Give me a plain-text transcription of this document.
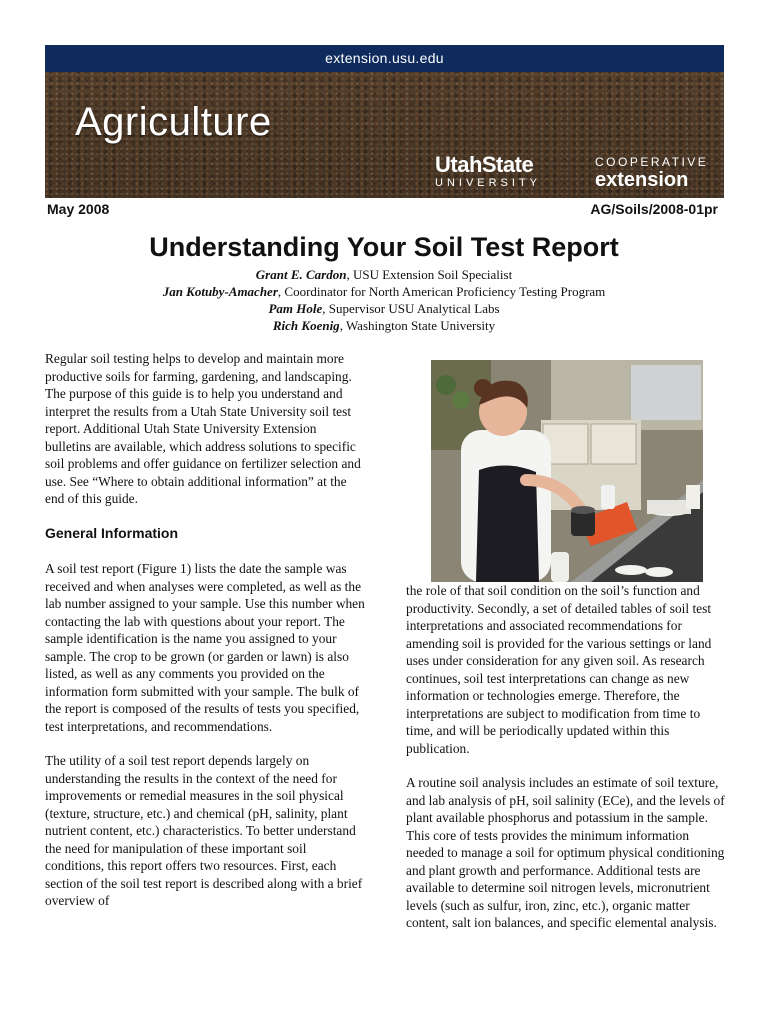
extension.usu.edu
Agriculture
UtahState
UNIVERSITY
COOPERATIVE
extension
May 2008	AG/Soils/2008-01pr
Understanding Your Soil Test Report
Grant E. Cardon, USU Extension Soil Specialist
Jan Kotuby-Amacher, Coordinator for North American Proficiency Testing Program
Pam Hole, Supervisor USU Analytical Labs
Rich Koenig, Washington State University

Regular soil testing helps to develop and maintain more productive soils for farming, gardening, and landscaping. The purpose of this guide is to help you understand and interpret the results from a Utah State University soil test report. Additional Utah State University Extension bulletins are available, which address solutions to specific soil problems and offer guidance on fertilizer selection and use. See “Where to obtain additional information” at the end of this guide.

General Information

A soil test report (Figure 1) lists the date the sample was received and when analyses were completed, as well as the lab number assigned to your sample. Use this number when contacting the lab with questions about your report. The sample identification is the name you assigned to your sample. The crop to be grown (or garden or lawn) is also listed, as well as any comments you provided on the information form submitted with your sample. The bulk of the report is composed of the results of tests you specified, test interpretations, and recommendations.

The utility of a soil test report depends largely on understanding the results in the context of the need for improvements or remedial measures in the soil physical (texture, structure, etc.) and chemical (pH, salinity, plant nutrient content, etc.) characteristics. To better understand the need for manipulation of these important soil conditions, this report offers two resources. First, each section of the soil test report is described along with a brief overview of

the role of that soil condition on the soil’s function and productivity. Secondly, a set of detailed tables of soil test interpretations and associated recommendations for amending soil is provided for the various settings or land uses under consideration for any given soil. As research continues, soil test interpretations can change as new information or technologies emerge. Therefore, the interpretations are subject to modification from time to time, and will be periodically updated within this publication.

A routine soil analysis includes an estimate of soil texture, and lab analysis of pH, soil salinity (ECe), and the levels of plant available phosphorus and potassium in the sample. This core of tests provides the minimum information needed to manage a soil for optimum physical conditioning and plant growth and performance. Additional tests are available to determine soil nitrogen levels, micronutrient levels (such as sulfur, iron, zinc, etc.), organic matter content, salt ion balances, and specific elemental analysis.
